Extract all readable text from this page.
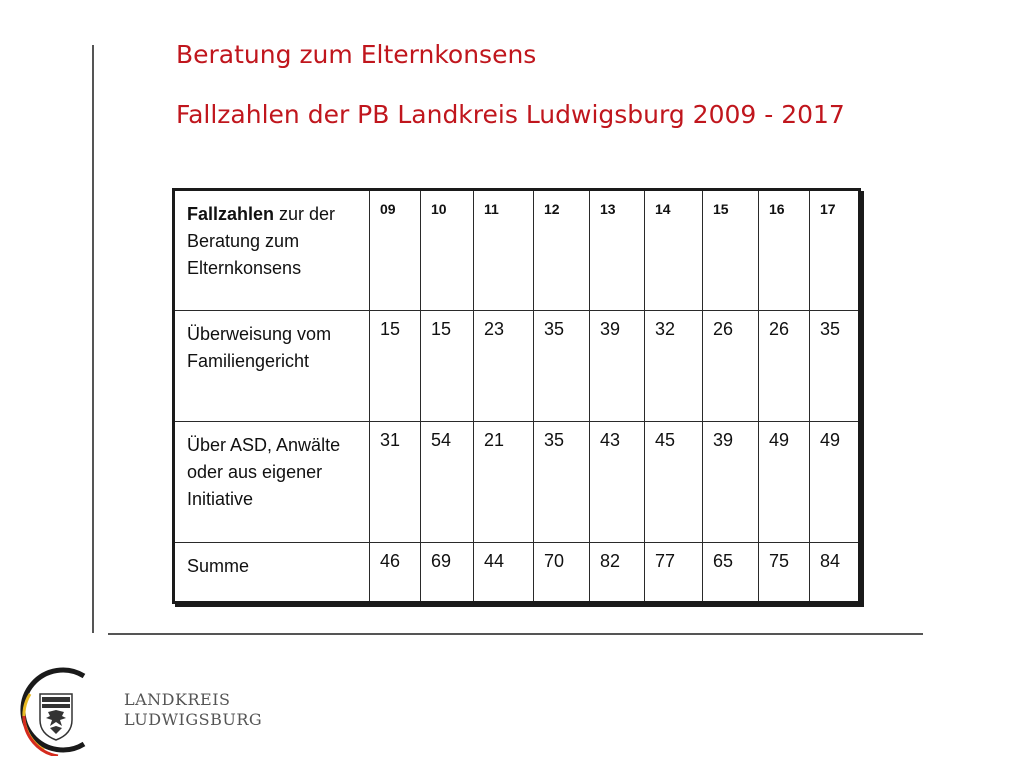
Beratung zum Elternkonsens
Fallzahlen der PB Landkreis Ludwigsburg 2009 - 2017
Fallzahlen zur der Beratung zum Elternkonsens	09	10	11	12	13	14	15	16	17
Überweisung vom Familiengericht	15	15	23	35	39	32	26	26	35
Über ASD, Anwälte oder aus eigener Initiative	31	54	21	35	43	45	39	49	49
Summe	46	69	44	70	82	77	65	75	84
LANDKREIS
LUDWIGSBURG
